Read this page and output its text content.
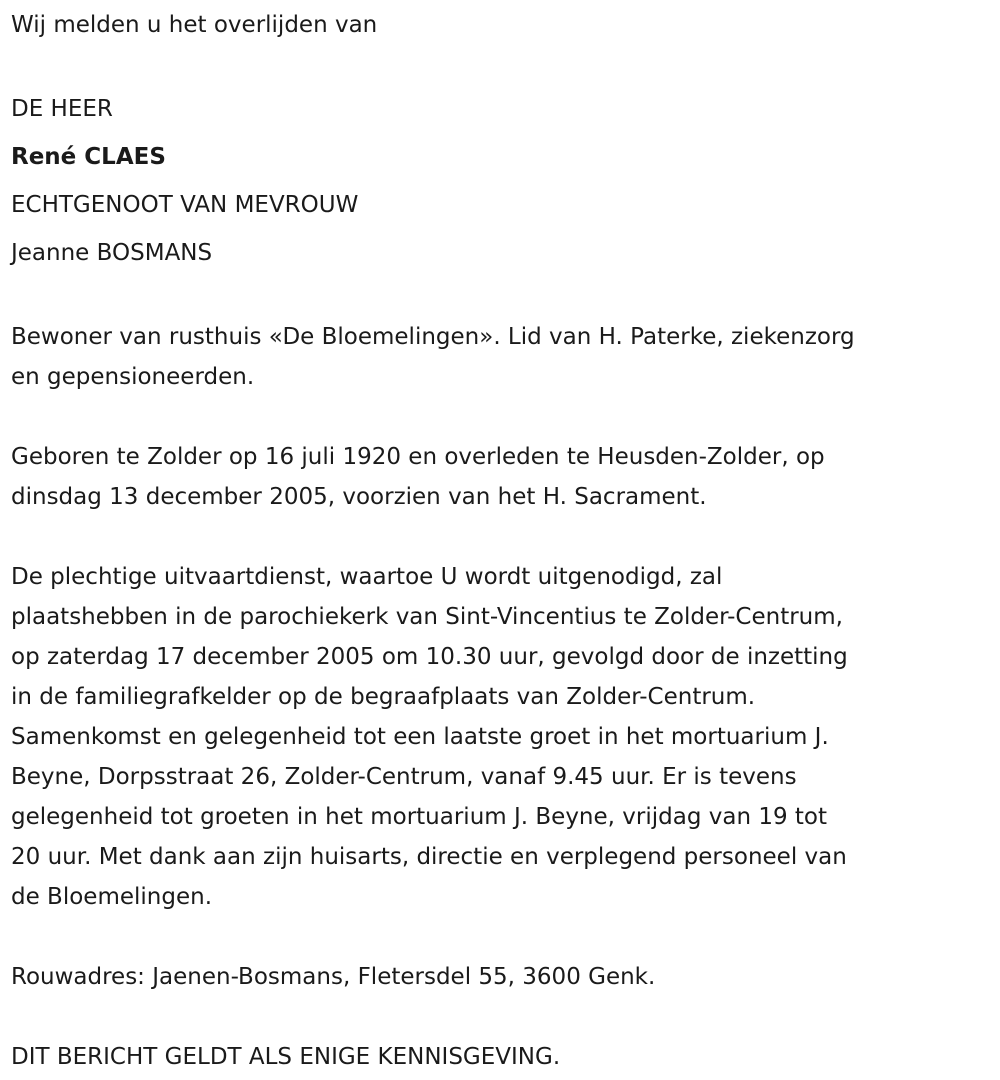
Wij melden u het overlijden van

DE HEER

René CLAES

ECHTGENOOT VAN MEVROUW

Jeanne BOSMANS

Bewoner van rusthuis «De Bloemelingen». Lid van H. Paterke, ziekenzorg
en gepensioneerden.
Geboren te Zolder op 16 juli 1920 en overleden te Heusden-Zolder, op
dinsdag 13 december 2005, voorzien van het H. Sacrament.
De plechtige uitvaartdienst, waartoe U wordt uitgenodigd, zal
plaatshebben in de parochiekerk van Sint-Vincentius te Zolder-Centrum,
op zaterdag 17 december 2005 om 10.30 uur, gevolgd door de inzetting
in de familiegrafkelder op de begraafplaats van Zolder-Centrum.
Samenkomst en gelegenheid tot een laatste groet in het mortuarium J.
Beyne, Dorpsstraat 26, Zolder-Centrum, vanaf 9.45 uur. Er is tevens
gelegenheid tot groeten in het mortuarium J. Beyne, vrijdag van 19 tot
20 uur. Met dank aan zijn huisarts, directie en verplegend personeel van
de Bloemelingen.
Rouwadres: Jaenen-Bosmans, Fletersdel 55, 3600 Genk.
DIT BERICHT GELDT ALS ENIGE KENNISGEVING.
